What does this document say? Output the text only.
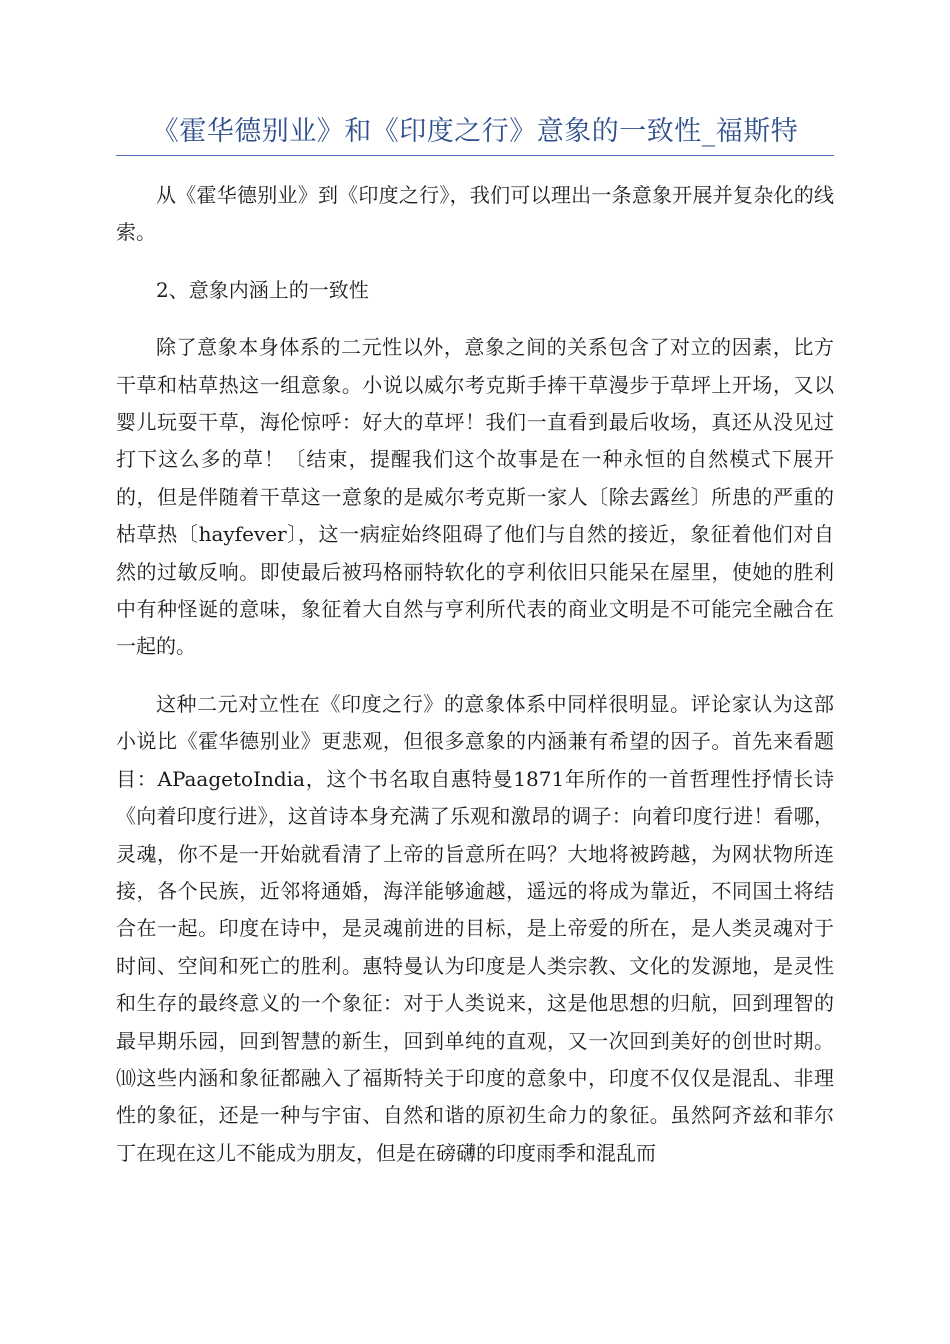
《霍华德别业》和《印度之行》意象的一致性_福斯特

从《霍华德别业》到《印度之行》，我们可以理出一条意象开展并复杂化的线索。

2、意象内涵上的一致性

除了意象本身体系的二元性以外，意象之间的关系包含了对立的因素，比方干草和枯草热这一组意象。小说以威尔考克斯手捧干草漫步于草坪上开场，又以婴儿玩耍干草，海伦惊呼：好大的草坪！我们一直看到最后收场，真还从没见过打下这么多的草！〔结束，提醒我们这个故事是在一种永恒的自然模式下展开的，但是伴随着干草这一意象的是威尔考克斯一家人〔除去露丝〕所患的严重的枯草热〔hayfever〕，这一病症始终阻碍了他们与自然的接近，象征着他们对自然的过敏反响。即使最后被玛格丽特软化的亨利依旧只能呆在屋里，使她的胜利中有种怪诞的意味，象征着大自然与亨利所代表的商业文明是不可能完全融合在一起的。

这种二元对立性在《印度之行》的意象体系中同样很明显。评论家认为这部小说比《霍华德别业》更悲观，但很多意象的内涵兼有希望的因子。首先来看题目：APaagetoIndia，这个书名取自惠特曼1871年所作的一首哲理性抒情长诗《向着印度行进》，这首诗本身充满了乐观和激昂的调子：向着印度行进！看哪，灵魂，你不是一开始就看清了上帝的旨意所在吗？大地将被跨越，为网状物所连接，各个民族，近邻将通婚，海洋能够逾越，遥远的将成为靠近，不同国土将结合在一起。印度在诗中，是灵魂前进的目标，是上帝爱的所在，是人类灵魂对于时间、空间和死亡的胜利。惠特曼认为印度是人类宗教、文化的发源地，是灵性和生存的最终意义的一个象征：对于人类说来，这是他思想的归航，回到理智的最早期乐园，回到智慧的新生，回到单纯的直观，又一次回到美好的创世时期。⑽这些内涵和象征都融入了福斯特关于印度的意象中，印度不仅仅是混乱、非理性的象征，还是一种与宇宙、自然和谐的原初生命力的象征。虽然阿齐兹和菲尔丁在现在这儿不能成为朋友，但是在磅礴的印度雨季和混乱而
